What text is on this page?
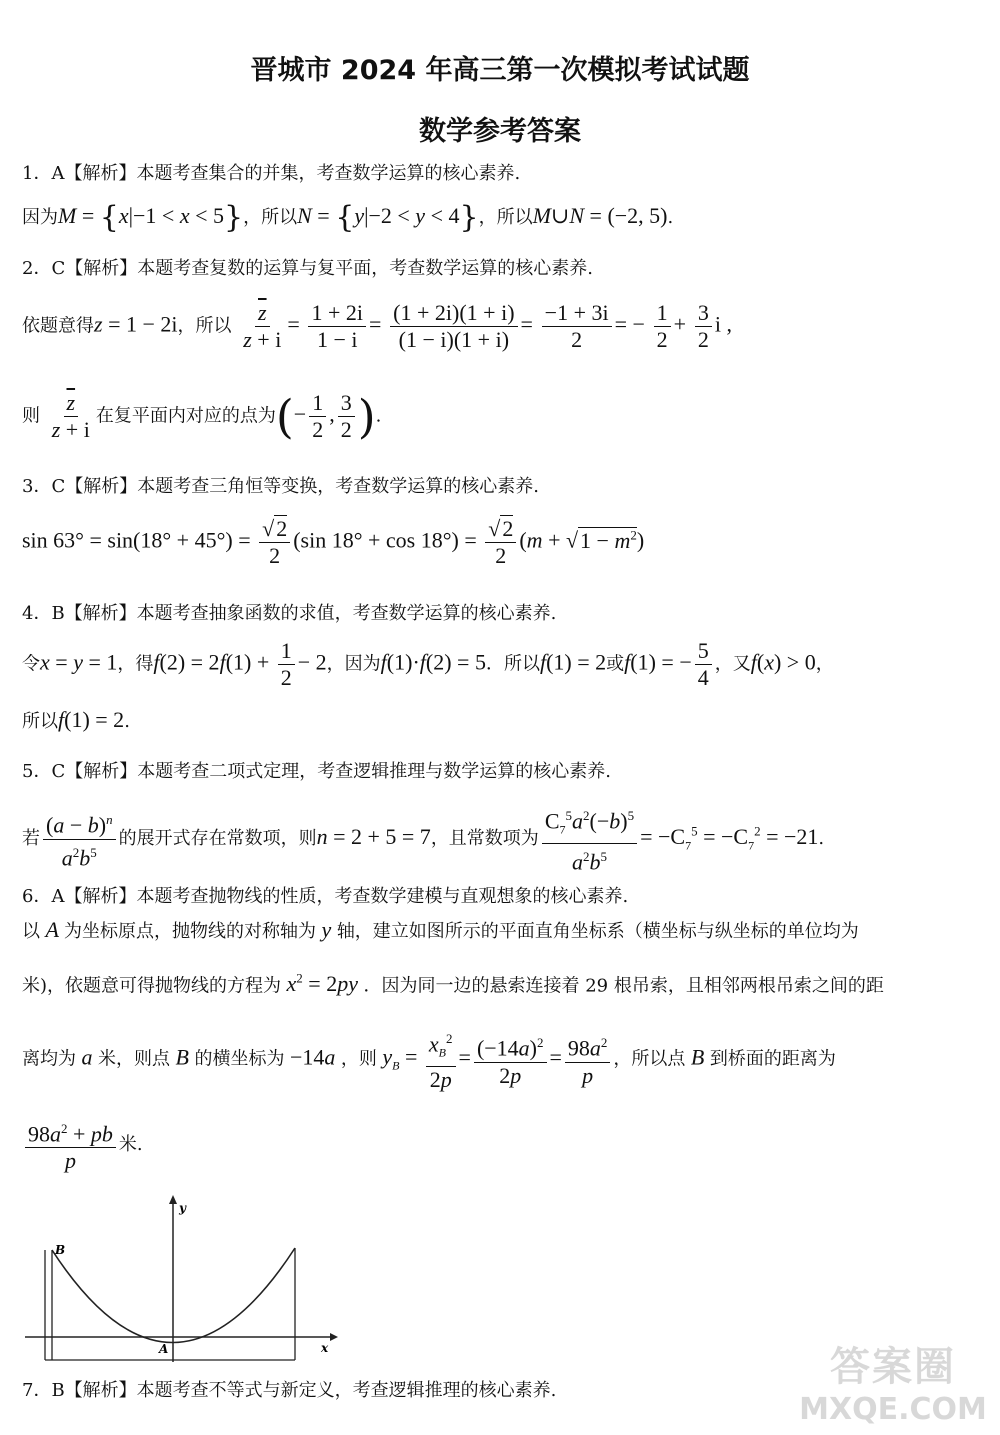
晋城市 2024 年高三第一次模拟考试试题
数学参考答案
1．A【解析】本题考查集合的并集，考查数学运算的核心素养.
因为M = {x|−1 < x < 5}，所以N = {y|−2 < y < 4}，所以M∪N = (−2, 5).
2．C【解析】本题考查复数的运算与复平面，考查数学运算的核心素养.
依题意得z = 1 − 2i，所以 $\frac{\overline{z}}{z + i} = \frac{1 + 2i}{1 - i} = \frac{(1 + 2i)(1 + i)}{(1 - i)(1 + i)} = \frac{-1 + 3i}{2}$ = − $\frac{1}{2} + \frac{3}{2}$ i ,
则 $\frac{\overline{z}}{z + i}$ 在复平面内对应的点为(− $\frac{1}{2}$ , $\frac{3}{2}$ ).
3．C【解析】本题考查三角恒等变换，考查数学运算的核心素养.
$\sin 63^\circ = \sin(18^\circ + 45^\circ) = \frac{√2}{2} (\sin$ $18^\circ + \cos 18^\circ) = \frac{√2}{2} (m + √1 - m^2)$
4．B【解析】本题考查抽象函数的求值，考查数学运算的核心素养.
令x = y = 1，得$f(2) = 2f(1) + \frac{1}{2} - 2$，因为f(1)·f(2) = 5．所以f(1) = 2或f(1) = − $\frac{5}{4}$ ，又f(x) > 0，
所以f(1) = 2.
5．C【解析】本题考查二项式定理，考查逻辑推理与数学运算的核心素养.
若 $\frac{(a - b)^n}{a^2b^5}$ 的展开式存在常数项，则n = 2 + 5 = 7，且常数项为 $\frac{C_7^5a^2(-b)^5}{a^2b^5} = -C_7^5 = -C_7^2 = -21$.
6．A【解析】本题考查抛物线的性质，考查数学建模与直观想象的核心素养.
以 A 为坐标原点，抛物线的对称轴为 y 轴，建立如图所示的平面直角坐标系（横坐标与纵坐标的单位均为
米)，依题意可得抛物线的方程为 $x^2 = 2py$ ．因为同一边的悬索连接着 29 根吊索，且相邻两根吊索之间的距
离均为 a 米，则点 B 的横坐标为 −14a ，则 $y_B = \frac{x_B^2}{2p} = \frac{(-14a)^2}{2p} = \frac{98a^2}{p}$ ，所以点 B 到桥面的距离为
$\frac{98a^2 + pb}{p}$ 米.
B
A	x
y
7．B【解析】本题考查不等式与新定义，考查逻辑推理的核心素养.
答案圈
MXQE.COM
